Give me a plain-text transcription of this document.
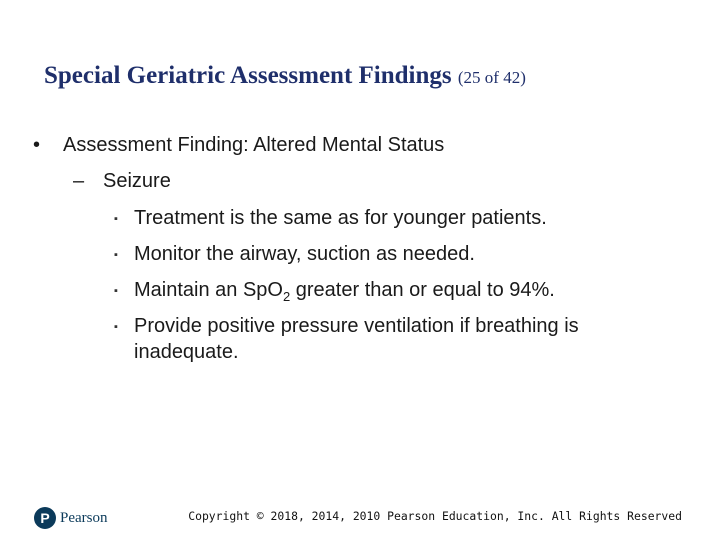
Special Geriatric Assessment Findings (25 of 42)
• Assessment Finding: Altered Mental Status
– Seizure
▪ Treatment is the same as for younger patients.
▪ Monitor the airway, suction as needed.
▪ Maintain an SpO$_2$ greater than or equal to 94%.
▪ Provide positive pressure ventilation if breathing is inadequate.
P Pearson	Copyright © 2018, 2014, 2010 Pearson Education, Inc. All Rights Reserved
